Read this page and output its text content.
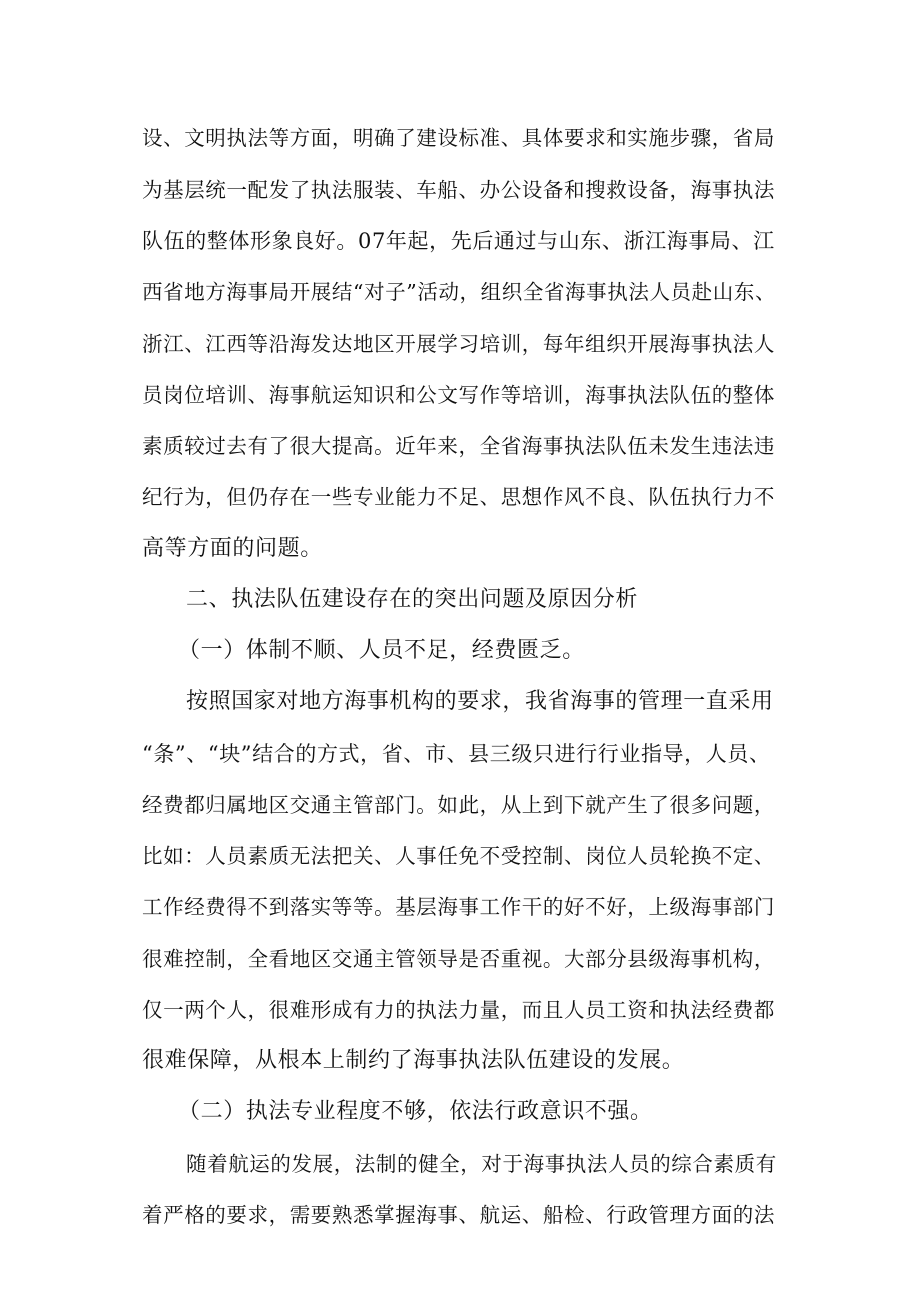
设、文明执法等方面，明确了建设标准、具体要求和实施步骤，省局
为基层统一配发了执法服装、车船、办公设备和搜救设备，海事执法
队伍的整体形象良好。07年起，先后通过与山东、浙江海事局、江
西省地方海事局开展结“对子”活动，组织全省海事执法人员赴山东、
浙江、江西等沿海发达地区开展学习培训，每年组织开展海事执法人
员岗位培训、海事航运知识和公文写作等培训，海事执法队伍的整体
素质较过去有了很大提高。近年来，全省海事执法队伍未发生违法违
纪行为，但仍存在一些专业能力不足、思想作风不良、队伍执行力不
高等方面的问题。
二、执法队伍建设存在的突出问题及原因分析
（一）体制不顺、人员不足，经费匮乏。
按照国家对地方海事机构的要求，我省海事的管理一直采用
“条”、“块”结合的方式，省、市、县三级只进行行业指导，人员、
经费都归属地区交通主管部门。如此，从上到下就产生了很多问题，
比如：人员素质无法把关、人事任免不受控制、岗位人员轮换不定、
工作经费得不到落实等等。基层海事工作干的好不好，上级海事部门
很难控制，全看地区交通主管领导是否重视。大部分县级海事机构，
仅一两个人，很难形成有力的执法力量，而且人员工资和执法经费都
很难保障，从根本上制约了海事执法队伍建设的发展。
（二）执法专业程度不够，依法行政意识不强。
随着航运的发展，法制的健全，对于海事执法人员的综合素质有
着严格的要求，需要熟悉掌握海事、航运、船检、行政管理方面的法
